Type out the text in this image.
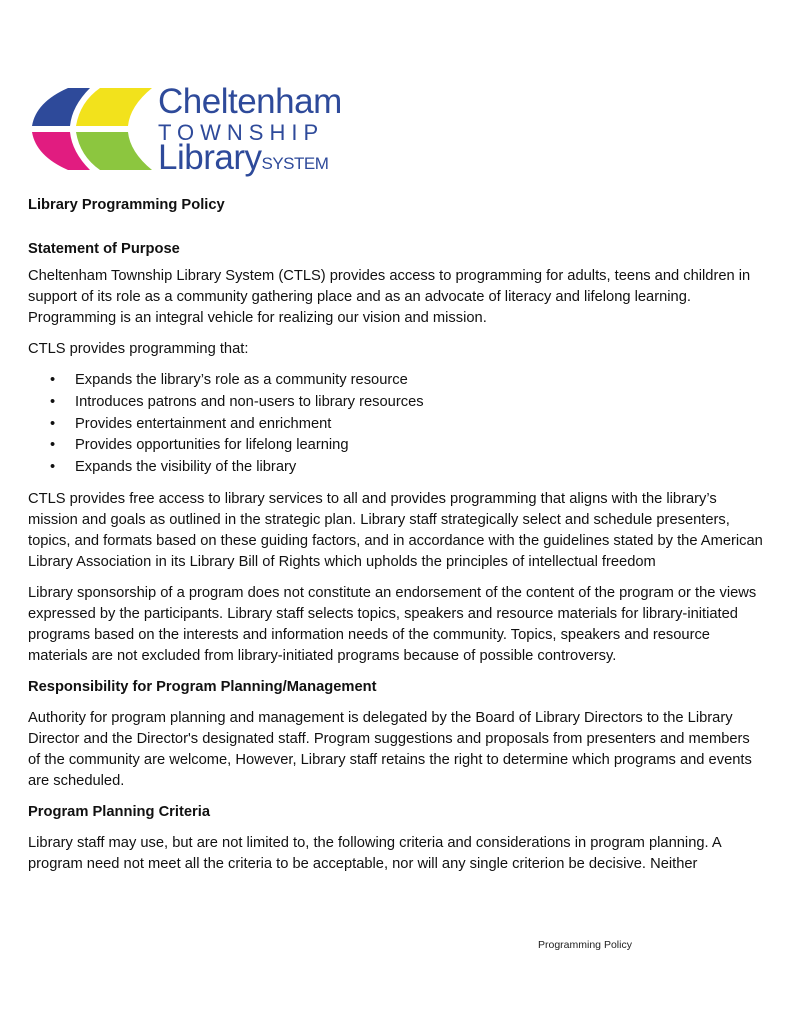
Cheltenham
TOWNSHIP
LibrarySYSTEM

Library Programming Policy

Statement of Purpose

Cheltenham Township Library System (CTLS) provides access to programming for adults, teens and children in support of its role as a community gathering place and as an advocate of literacy and lifelong learning. Programming is an integral vehicle for realizing our vision and mission.

CTLS provides programming that:

• Expands the library’s role as a community resource
• Introduces patrons and non-users to library resources
• Provides entertainment and enrichment
• Provides opportunities for lifelong learning
• Expands the visibility of the library

CTLS provides free access to library services to all and provides programming that aligns with the library’s mission and goals as outlined in the strategic plan. Library staff strategically select and schedule presenters, topics, and formats based on these guiding factors, and in accordance with the guidelines stated by the American Library Association in its Library Bill of Rights which upholds the principles of intellectual freedom

Library sponsorship of a program does not constitute an endorsement of the content of the program or the views expressed by the participants. Library staff selects topics, speakers and resource materials for library-initiated programs based on the interests and information needs of the community. Topics, speakers and resource materials are not excluded from library-initiated programs because of possible controversy.

Responsibility for Program Planning/Management

Authority for program planning and management is delegated by the Board of Library Directors to the Library Director and the Director's designated staff. Program suggestions and proposals from presenters and members of the community are welcome, However, Library staff retains the right to determine which programs and events are scheduled.

Program Planning Criteria

Library staff may use, but are not limited to, the following criteria and considerations in program planning. A program need not meet all the criteria to be acceptable, nor will any single criterion be decisive. Neither

Programming Policy
